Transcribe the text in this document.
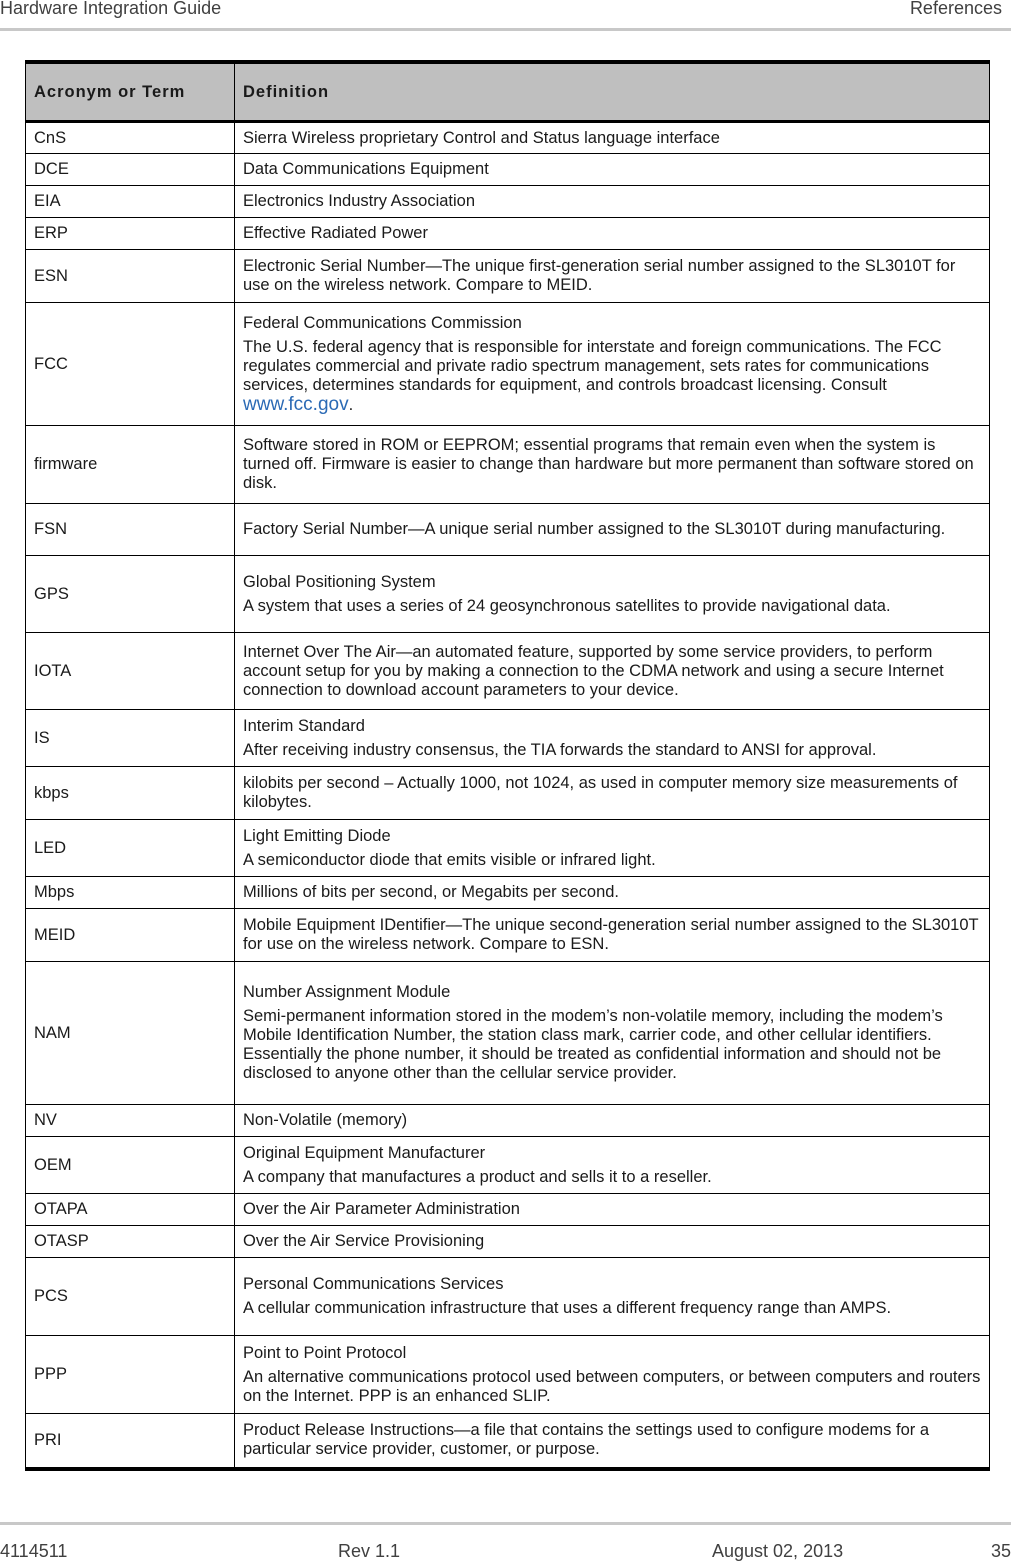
Hardware Integration Guide	References
Acronym or Term	Definition
CnS	Sierra Wireless proprietary Control and Status language interface

DCE	Data Communications Equipment

EIA	Electronics Industry Association

ERP	Effective Radiated Power

ESN	Electronic Serial Number—The unique first-generation serial number assigned to the SL3010T for use on the wireless network. Compare to MEID.

FCC	Federal Communications Commission
The U.S. federal agency that is responsible for interstate and foreign communications. The FCC regulates commercial and private radio spectrum management, sets rates for communications services, determines standards for equipment, and controls broadcast licensing. Consult www.fcc.gov.

firmware	Software stored in ROM or EEPROM; essential programs that remain even when the system is turned off. Firmware is easier to change than hardware but more permanent than software stored on disk.

FSN	Factory Serial Number—A unique serial number assigned to the SL3010T during manufacturing.

GPS	Global Positioning System
A system that uses a series of 24 geosynchronous satellites to provide navigational data.

IOTA	Internet Over The Air—an automated feature, supported by some service providers, to perform account setup for you by making a connection to the CDMA network and using a secure Internet connection to download account parameters to your device.

IS	Interim Standard
After receiving industry consensus, the TIA forwards the standard to ANSI for approval.

kbps	kilobits per second – Actually 1000, not 1024, as used in computer memory size measurements of kilobytes.

LED	Light Emitting Diode
A semiconductor diode that emits visible or infrared light.

Mbps	Millions of bits per second, or Megabits per second.

MEID	Mobile Equipment IDentifier—The unique second-generation serial number assigned to the SL3010T for use on the wireless network. Compare to ESN.

NAM	Number Assignment Module
Semi-permanent information stored in the modem’s non-volatile memory, including the modem’s Mobile Identification Number, the station class mark, carrier code, and other cellular identifiers. Essentially the phone number, it should be treated as confidential information and should not be disclosed to anyone other than the cellular service provider.

NV	Non-Volatile (memory)

OEM	Original Equipment Manufacturer
A company that manufactures a product and sells it to a reseller.

OTAPA	Over the Air Parameter Administration

OTASP	Over the Air Service Provisioning

PCS	Personal Communications Services
A cellular communication infrastructure that uses a different frequency range than AMPS.

PPP	Point to Point Protocol
An alternative communications protocol used between computers, or between computers and routers on the Internet. PPP is an enhanced SLIP.

PRI	Product Release Instructions—a file that contains the settings used to configure modems for a particular service provider, customer, or purpose.
4114511	Rev 1.1	August 02, 2013	35
